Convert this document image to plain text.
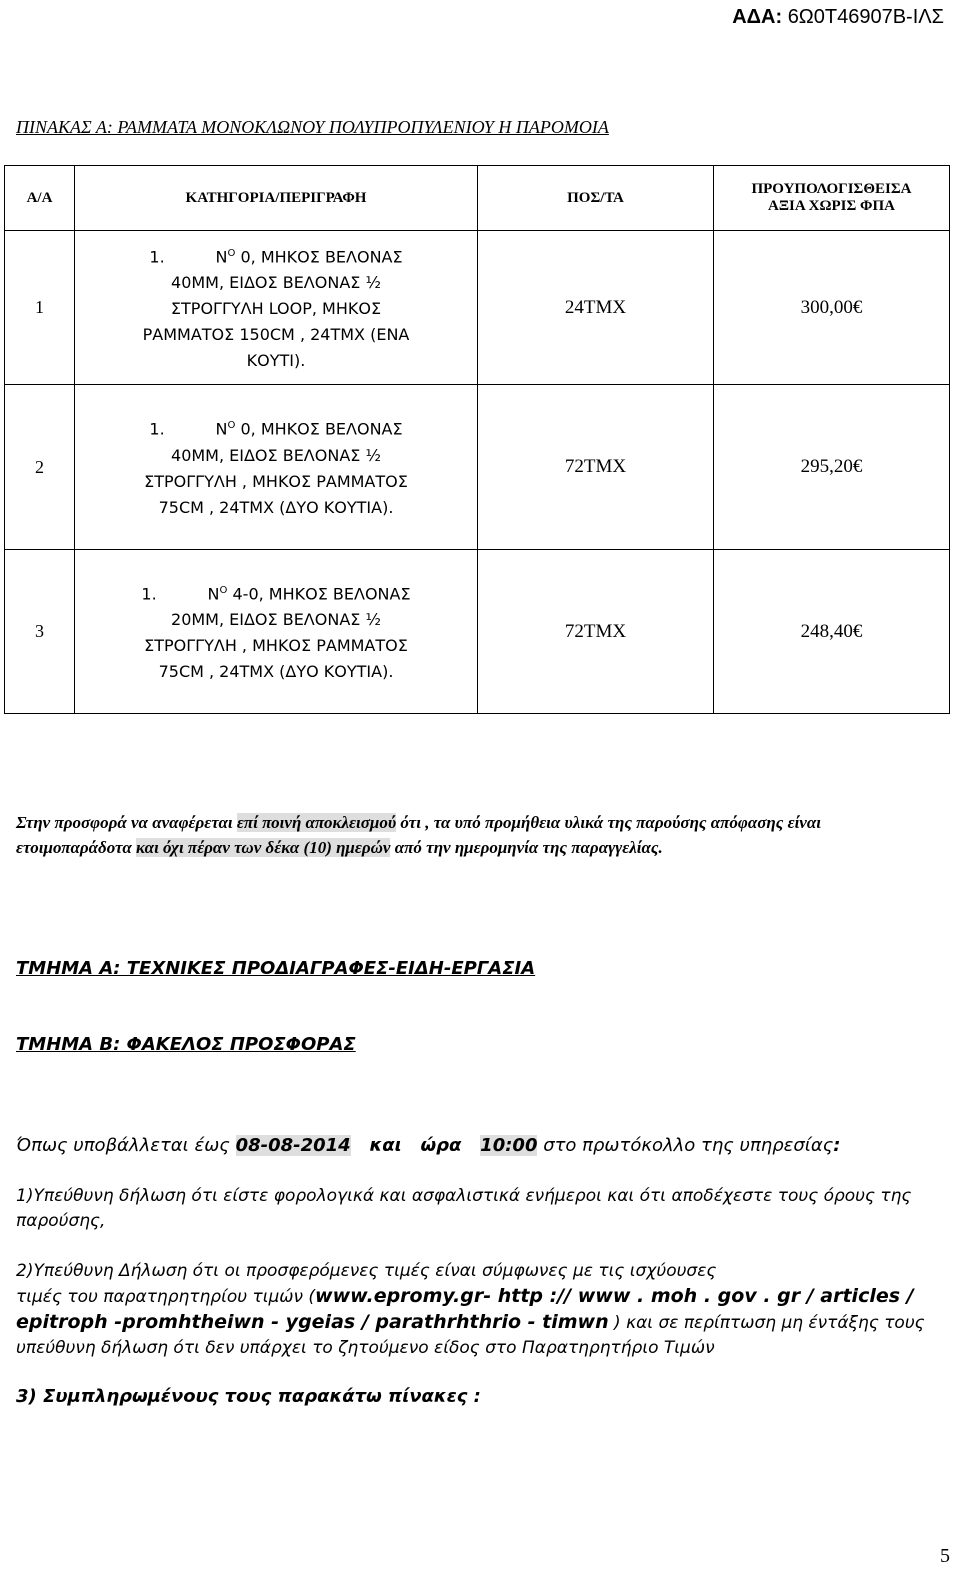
ΑΔΑ: 6Ω0Τ46907Β-ΙΛΣ
ΠΙΝΑΚΑΣ Α: ΡΑΜΜΑΤΑ ΜΟΝΟΚΛΩΝΟΥ ΠΟΛΥΠΡΟΠΥΛΕΝΙΟΥ Η ΠΑΡΟΜΟΙΑ
Α/Α	ΚΑΤΗΓΟΡΙΑ/ΠΕΡΙΓΡΑΦΗ	ΠΟΣ/ΤΑ	ΠΡΟΥΠΟΛΟΓΙΣΘΕΙΣΑ
ΑΞΙΑ ΧΩΡΙΣ ΦΠΑ
1	1. $N^O$ 0, ΜΗΚΟΣ ΒΕΛΟΝΑΣ
40ΜΜ, ΕΙΔΟΣ ΒΕΛΟΝΑΣ ½
ΣΤΡΟΓΓΥΛΗ LOOP, ΜΗΚΟΣ
ΡΑΜΜΑΤΟΣ 150CM , 24ΤΜΧ (ΕΝΑ
ΚΟΥΤΙ).	24ΤΜΧ	300,00€
2	1. $N^O$ 0, ΜΗΚΟΣ ΒΕΛΟΝΑΣ
40ΜΜ, ΕΙΔΟΣ ΒΕΛΟΝΑΣ ½
ΣΤΡΟΓΓΥΛΗ , ΜΗΚΟΣ ΡΑΜΜΑΤΟΣ
75CM , 24ΤΜΧ (ΔΥΟ ΚΟΥΤΙΑ).	72ΤΜΧ	295,20€
3	1. $N^O$ 4-0, ΜΗΚΟΣ ΒΕΛΟΝΑΣ
20ΜΜ, ΕΙΔΟΣ ΒΕΛΟΝΑΣ ½
ΣΤΡΟΓΓΥΛΗ , ΜΗΚΟΣ ΡΑΜΜΑΤΟΣ
75CM , 24ΤΜΧ (ΔΥΟ ΚΟΥΤΙΑ).	72ΤΜΧ	248,40€
Στην προσφορά να αναφέρεται επί ποινή αποκλεισμού ότι , τα υπό προμήθεια υλικά της παρούσης απόφασης είναι ετοιμοπαράδοτα και όχι πέραν των δέκα (10) ημερών από την ημερομηνία της παραγγελίας.
ΤΜΗΜΑ Α: ΤΕΧΝΙΚΕΣ ΠΡΟΔΙΑΓΡΑΦΕΣ-ΕΙΔΗ-ΕΡΓΑΣΙΑ
ΤΜΗΜΑ Β: ΦΑΚΕΛΟΣ ΠΡΟΣΦΟΡΑΣ
Όπως υποβάλλεται έως 08-08-2014   και   ώρα   10:00 στο πρωτόκολλο της υπηρεσίας:
1)Υπεύθυνη δήλωση ότι είστε φορολογικά και ασφαλιστικά ενήμεροι και ότι αποδέχεστε τους όρους της παρούσης,
2)Υπεύθυνη Δήλωση ότι οι προσφερόμενες τιμές είναι σύμφωνες με τις ισχύουσες
τιμές του παρατηρητηρίου τιμών (www.epromy.gr- http :// www . moh . gov . gr / articles / epitroph -promhtheiwn - ygeias / parathrhthrio - timwn ) και σε περίπτωση μη έντάξης τους υπεύθυνη δήλωση ότι δεν υπάρχει το ζητούμενο είδος στο Παρατηρητήριο Τιμών
3) Συμπληρωμένους τους παρακάτω πίνακες :
5
